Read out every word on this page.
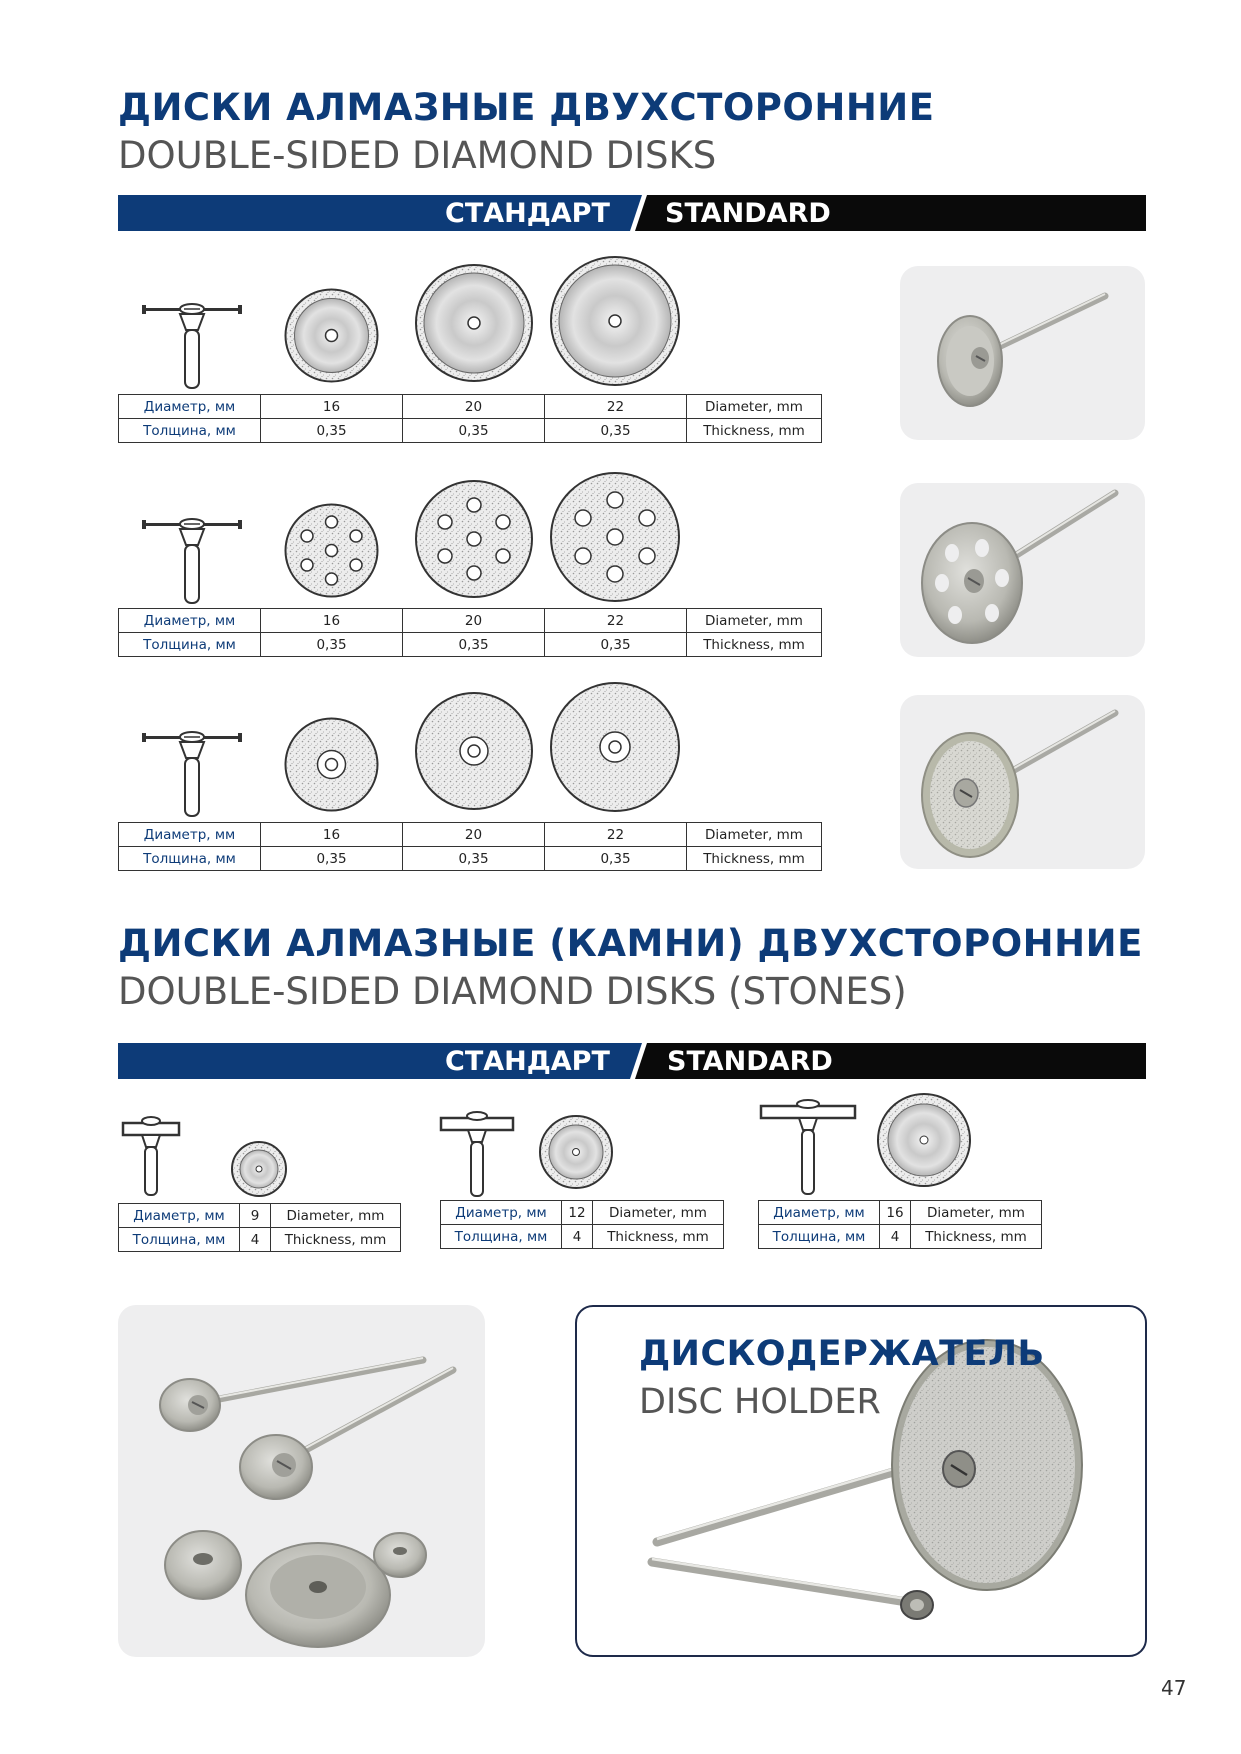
ДИСКИ АЛМАЗНЫЕ ДВУХСТОРОННИЕ
DOUBLE-SIDED DIAMOND DISKS
СТАНДАРТ STANDARD
Диаметр, мм	16	20	22	Diameter, mm
Толщина, мм	0,35	0,35	0,35	Thickness, mm
Диаметр, мм	16	20	22	Diameter, mm
Толщина, мм	0,35	0,35	0,35	Thickness, mm
Диаметр, мм	16	20	22	Diameter, mm
Толщина, мм	0,35	0,35	0,35	Thickness, mm
ДИСКИ АЛМАЗНЫЕ (КАМНИ) ДВУХСТОРОННИЕ
DOUBLE-SIDED DIAMOND DISKS (STONES)
СТАНДАРТ STANDARD
Диаметр, мм	9	Diameter, mm
Толщина, мм	4	Thickness, mm
Диаметр, мм	12	Diameter, mm
Толщина, мм	4	Thickness, mm
Диаметр, мм	16	Diameter, mm
Толщина, мм	4	Thickness, mm
ДИСКОДЕРЖАТЕЛЬ
DISC HOLDER
47
